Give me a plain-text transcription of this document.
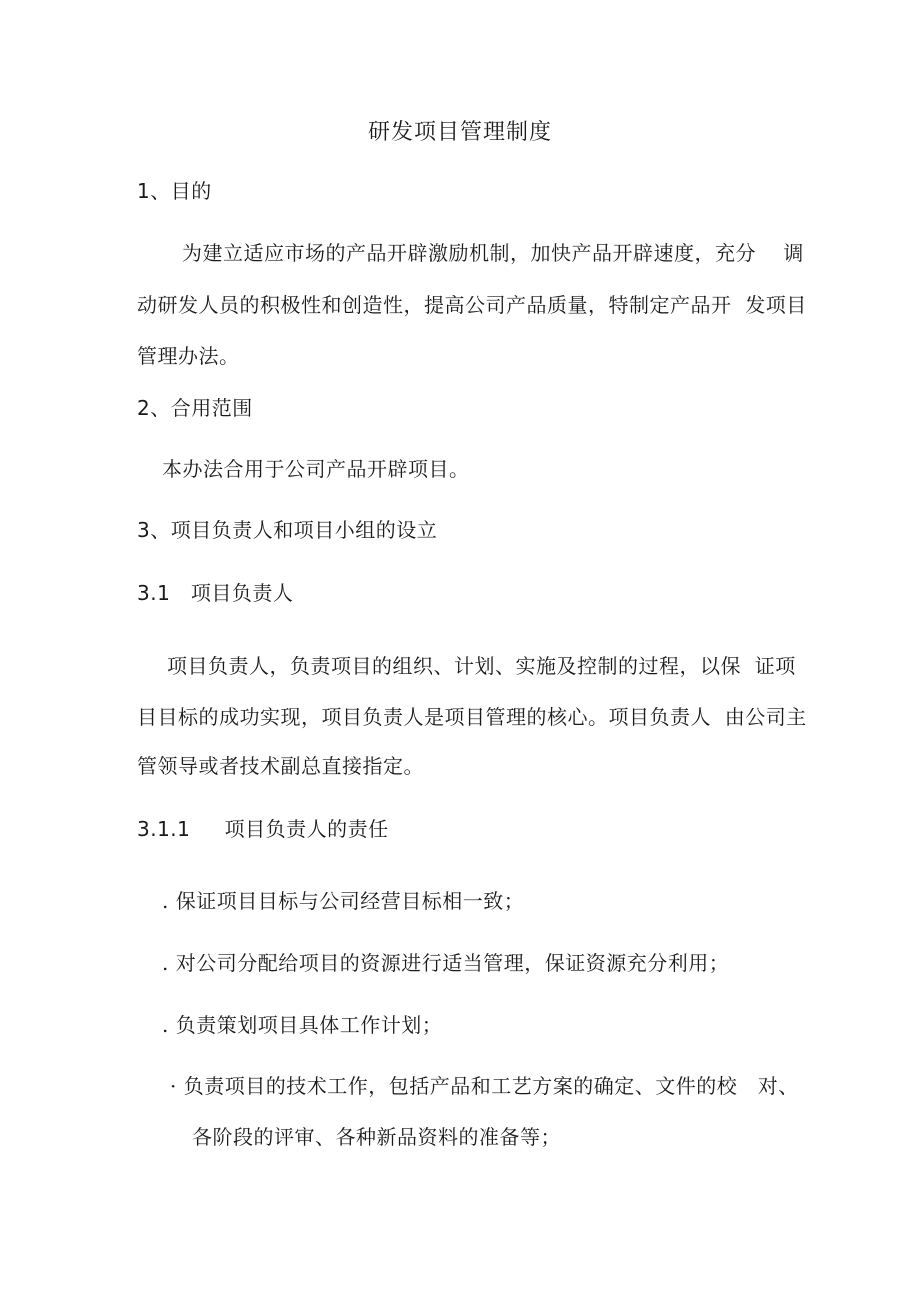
研发项目管理制度
1、目的
为建立适应市场的产品开辟激励机制，加快产品开辟速度，充分    调
动研发人员的积极性和创造性，提高公司产品质量，特制定产品开  发项目
管理办法。
2、合用范围
本办法合用于公司产品开辟项目。
3、项目负责人和项目小组的设立
3.1   项目负责人
项目负责人，负责项目的组织、计划、实施及控制的过程，以保  证项
目目标的成功实现，项目负责人是项目管理的核心。项目负责人  由公司主
管领导或者技术副总直接指定。
3.1.1     项目负责人的责任
. 保证项目目标与公司经营目标相一致；
. 对公司分配给项目的资源进行适当管理，保证资源充分利用；
. 负责策划项目具体工作计划；
· 负责项目的技术工作，包括产品和工艺方案的确定、文件的校   对、
各阶段的评审、各种新品资料的准备等；
